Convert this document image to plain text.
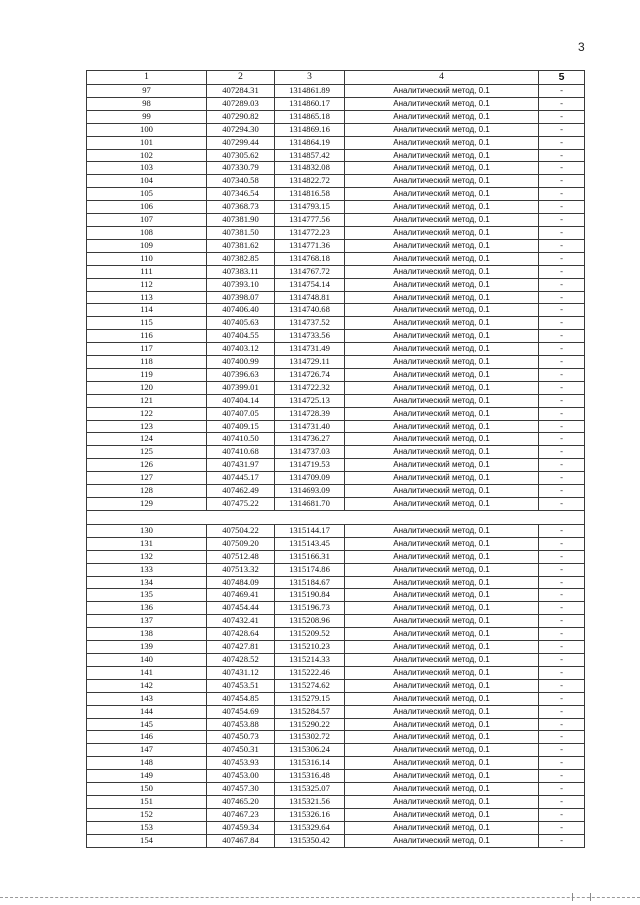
3
1	2	3	4	5
97	407284.31	1314861.89	Аналитический метод, 0.1	-
98	407289.03	1314860.17	Аналитический метод, 0.1	-
99	407290.82	1314865.18	Аналитический метод, 0.1	-
100	407294.30	1314869.16	Аналитический метод, 0.1	-
101	407299.44	1314864.19	Аналитический метод, 0.1	-
102	407305.62	1314857.42	Аналитический метод, 0.1	-
103	407330.79	1314832.08	Аналитический метод, 0.1	-
104	407340.58	1314822.72	Аналитический метод, 0.1	-
105	407346.54	1314816.58	Аналитический метод, 0.1	-
106	407368.73	1314793.15	Аналитический метод, 0.1	-
107	407381.90	1314777.56	Аналитический метод, 0.1	-
108	407381.50	1314772.23	Аналитический метод, 0.1	-
109	407381.62	1314771.36	Аналитический метод, 0.1	-
110	407382.85	1314768.18	Аналитический метод, 0.1	-
111	407383.11	1314767.72	Аналитический метод, 0.1	-
112	407393.10	1314754.14	Аналитический метод, 0.1	-
113	407398.07	1314748.81	Аналитический метод, 0.1	-
114	407406.40	1314740.68	Аналитический метод, 0.1	-
115	407405.63	1314737.52	Аналитический метод, 0.1	-
116	407404.55	1314733.56	Аналитический метод, 0.1	-
117	407403.12	1314731.49	Аналитический метод, 0.1	-
118	407400.99	1314729.11	Аналитический метод, 0.1	-
119	407396.63	1314726.74	Аналитический метод, 0.1	-
120	407399.01	1314722.32	Аналитический метод, 0.1	-
121	407404.14	1314725.13	Аналитический метод, 0.1	-
122	407407.05	1314728.39	Аналитический метод, 0.1	-
123	407409.15	1314731.40	Аналитический метод, 0.1	-
124	407410.50	1314736.27	Аналитический метод, 0.1	-
125	407410.68	1314737.03	Аналитический метод, 0.1	-
126	407431.97	1314719.53	Аналитический метод, 0.1	-
127	407445.17	1314709.09	Аналитический метод, 0.1	-
128	407462.49	1314693.09	Аналитический метод, 0.1	-
129	407475.22	1314681.70	Аналитический метод, 0.1	-

130	407504.22	1315144.17	Аналитический метод, 0.1	-
131	407509.20	1315143.45	Аналитический метод, 0.1	-
132	407512.48	1315166.31	Аналитический метод, 0.1	-
133	407513.32	1315174.86	Аналитический метод, 0.1	-
134	407484.09	1315184.67	Аналитический метод, 0.1	-
135	407469.41	1315190.84	Аналитический метод, 0.1	-
136	407454.44	1315196.73	Аналитический метод, 0.1	-
137	407432.41	1315208.96	Аналитический метод, 0.1	-
138	407428.64	1315209.52	Аналитический метод, 0.1	-
139	407427.81	1315210.23	Аналитический метод, 0.1	-
140	407428.52	1315214.33	Аналитический метод, 0.1	-
141	407431.12	1315222.46	Аналитический метод, 0.1	-
142	407453.51	1315274.62	Аналитический метод, 0.1	-
143	407454.85	1315279.15	Аналитический метод, 0.1	-
144	407454.69	1315284.57	Аналитический метод, 0.1	-
145	407453.88	1315290.22	Аналитический метод, 0.1	-
146	407450.73	1315302.72	Аналитический метод, 0.1	-
147	407450.31	1315306.24	Аналитический метод, 0.1	-
148	407453.93	1315316.14	Аналитический метод, 0.1	-
149	407453.00	1315316.48	Аналитический метод, 0.1	-
150	407457.30	1315325.07	Аналитический метод, 0.1	-
151	407465.20	1315321.56	Аналитический метод, 0.1	-
152	407467.23	1315326.16	Аналитический метод, 0.1	-
153	407459.34	1315329.64	Аналитический метод, 0.1	-
154	407467.84	1315350.42	Аналитический метод, 0.1	-
